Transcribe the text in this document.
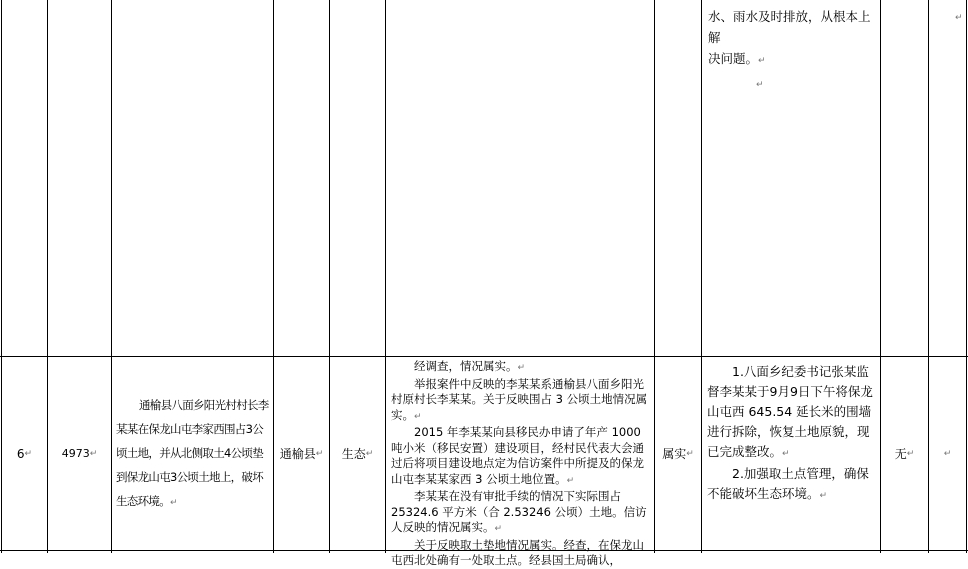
水、雨水及时排放，从根本上解
决问题。↵
↵
↵
6 ↵	4973 ↵
通榆县八面乡阳光村村长李某某在保龙山屯李家西围占3公顷土地，并从北侧取土4公顷垫到保龙山屯3公顷土地上，破坏生态环境。↵
通榆县 ↵ 生态 ↵

经调查，情况属实。↵

举报案件中反映的李某某系通榆县八面乡阳光村原村长李某某。关于反映围占 3 公顷土地情况属实。↵

2015 年李某某向县移民办申请了年产 1000 吨小米（移民安置）建设项目，经村民代表大会通过后将项目建设地点定为信访案件中所提及的保龙山屯李某某家西 3 公顷土地位置。↵

李某某在没有审批手续的情况下实际围占 25324.6 平方米（合 2.53246 公顷）土地。信访人反映的情况属实。↵

关于反映取土垫地情况属实。经查，在保龙山屯西北处确有一处取土点。经县国土局确认，

属实 ↵

1.八面乡纪委书记张某监督李某某于9月9日下午将保龙山屯西 645.54 延长米的围墙进行拆除，恢复土地原貌，现已完成整改。↵

2.加强取土点管理，确保不能破坏生态环境。↵

无 ↵	↵
